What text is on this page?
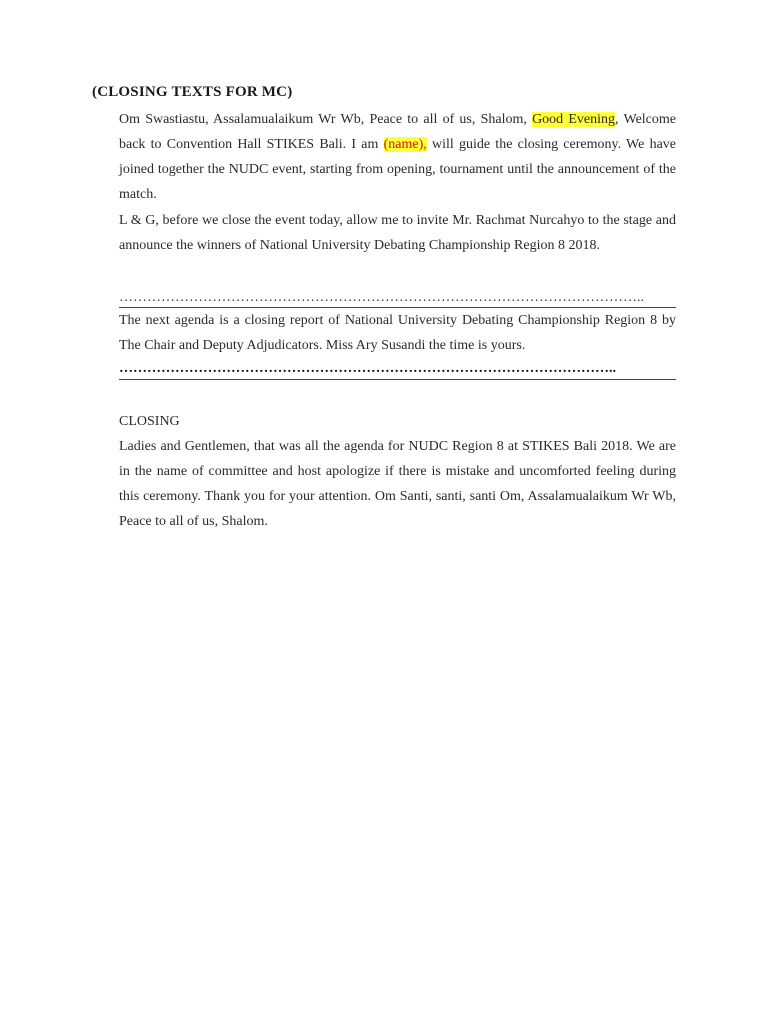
(CLOSING TEXTS FOR MC)
Om Swastiastu, Assalamualaikum Wr Wb, Peace to all of us, Shalom, Good Evening, Welcome back to Convention Hall STIKES Bali. I am (name), will guide the closing ceremony. We have joined together the NUDC event, starting from opening, tournament until the announcement of the match.
L & G, before we close the event today, allow me to invite Mr. Rachmat Nurcahyo to the stage and announce the winners of National University Debating Championship Region 8 2018.
…………………………………………………………………………………………………..
The next agenda is a closing report of National University Debating Championship Region 8 by The Chair and Deputy Adjudicators. Miss Ary Susandi the time is yours.
……………………………………………………………………………………………..
CLOSING
Ladies and Gentlemen, that was all the agenda for NUDC Region 8 at STIKES Bali 2018. We are in the name of committee and host apologize if there is mistake and uncomforted feeling during this ceremony. Thank you for your attention. Om Santi, santi, santi Om, Assalamualaikum Wr Wb, Peace to all of us, Shalom.
